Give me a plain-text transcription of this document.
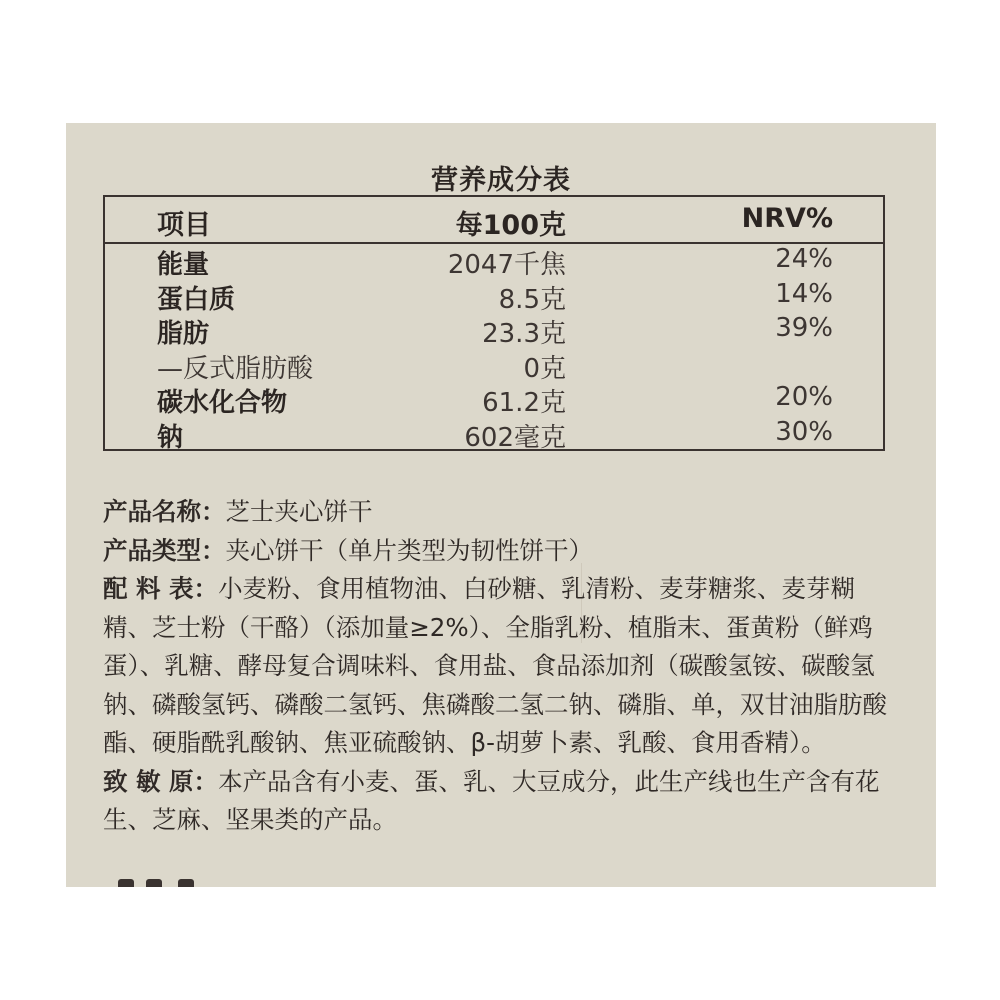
营养成分表
项目	每100克	NRV%
能量	2047千焦	24%
蛋白质	8.5克	14%
脂肪	23.3克	39%
—反式脂肪酸	0克
碳水化合物	61.2克	20%
钠	602毫克	30%

产品名称：芝士夹心饼干

产品类型：夹心饼干（单片类型为韧性饼干）

配 料 表：小麦粉、食用植物油、白砂糖、乳清粉、麦芽糖浆、麦芽糊精、芝士粉（干酪）（添加量≥2%）、全脂乳粉、植脂末、蛋黄粉（鲜鸡蛋）、乳糖、酵母复合调味料、食用盐、食品添加剂（碳酸氢铵、碳酸氢钠、磷酸氢钙、磷酸二氢钙、焦磷酸二氢二钠、磷脂、单，双甘油脂肪酸酯、硬脂酰乳酸钠、焦亚硫酸钠、β-胡萝卜素、乳酸、食用香精）。

致 敏 原：本产品含有小麦、蛋、乳、大豆成分，此生产线也生产含有花生、芝麻、坚果类的产品。
